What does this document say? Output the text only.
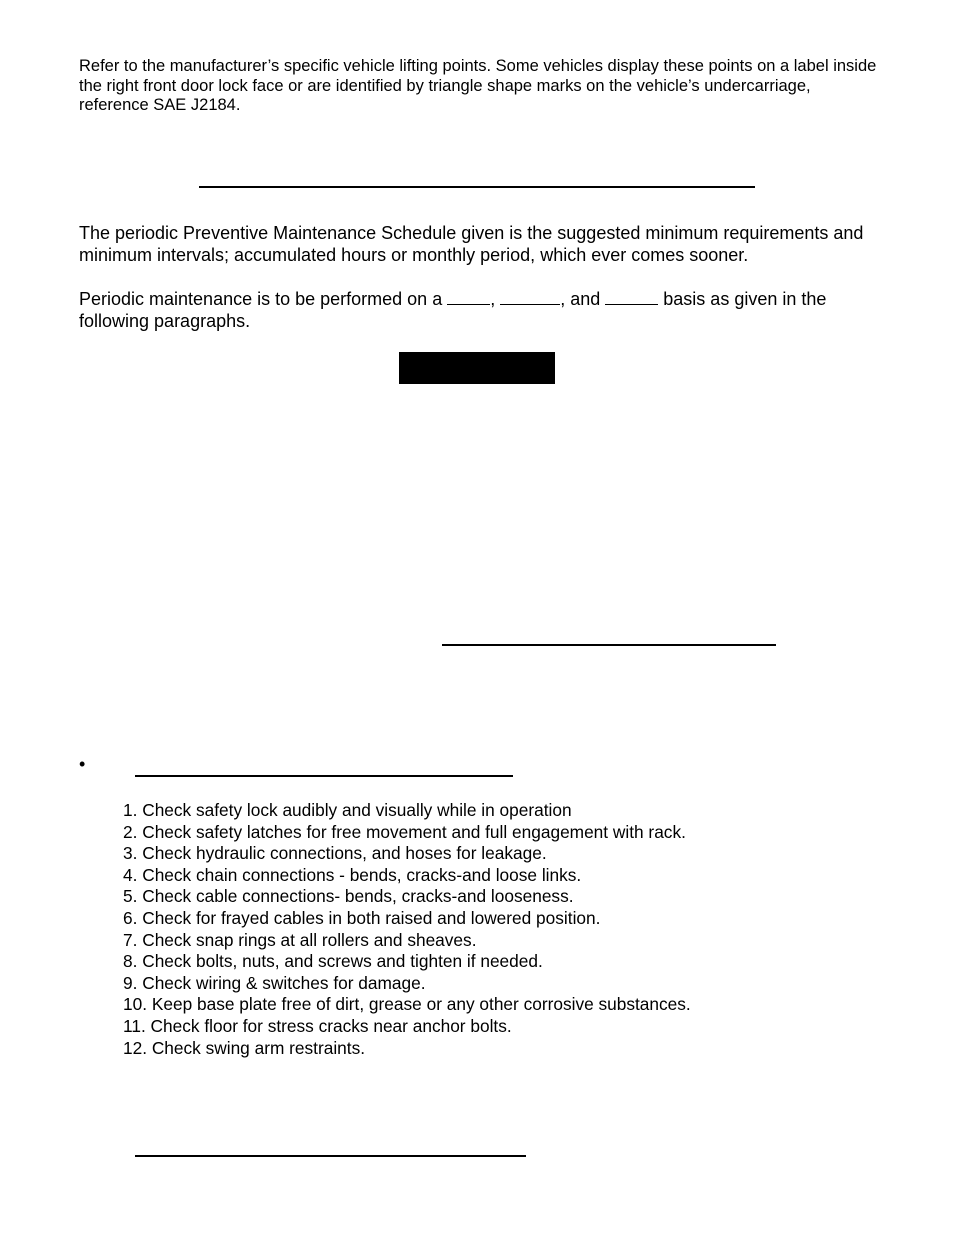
Refer to the manufacturer’s specific vehicle lifting points. Some vehicles display these points on a label inside the right front door lock face or are identified by triangle shape marks on the vehicle’s undercarriage, reference SAE J2184.
The periodic Preventive Maintenance Schedule given is the suggested minimum requirements and minimum intervals; accumulated hours or monthly period, which ever comes sooner.
Periodic maintenance is to be performed on a ,	, and	basis as given in the following paragraphs.
•
1. Check safety lock audibly and visually while in operation
2. Check safety latches for free movement and full engagement with rack.
3. Check hydraulic connections, and hoses for leakage.
4. Check chain connections - bends, cracks-and loose links.
5. Check cable connections- bends, cracks-and looseness.
6. Check for frayed cables in both raised and lowered position.
7. Check snap rings at all rollers and sheaves.
8. Check bolts, nuts, and screws and tighten if needed.
9. Check wiring & switches for damage.
10. Keep base plate free of dirt, grease or any other corrosive substances.
11. Check floor for stress cracks near anchor bolts.
12. Check swing arm restraints.
